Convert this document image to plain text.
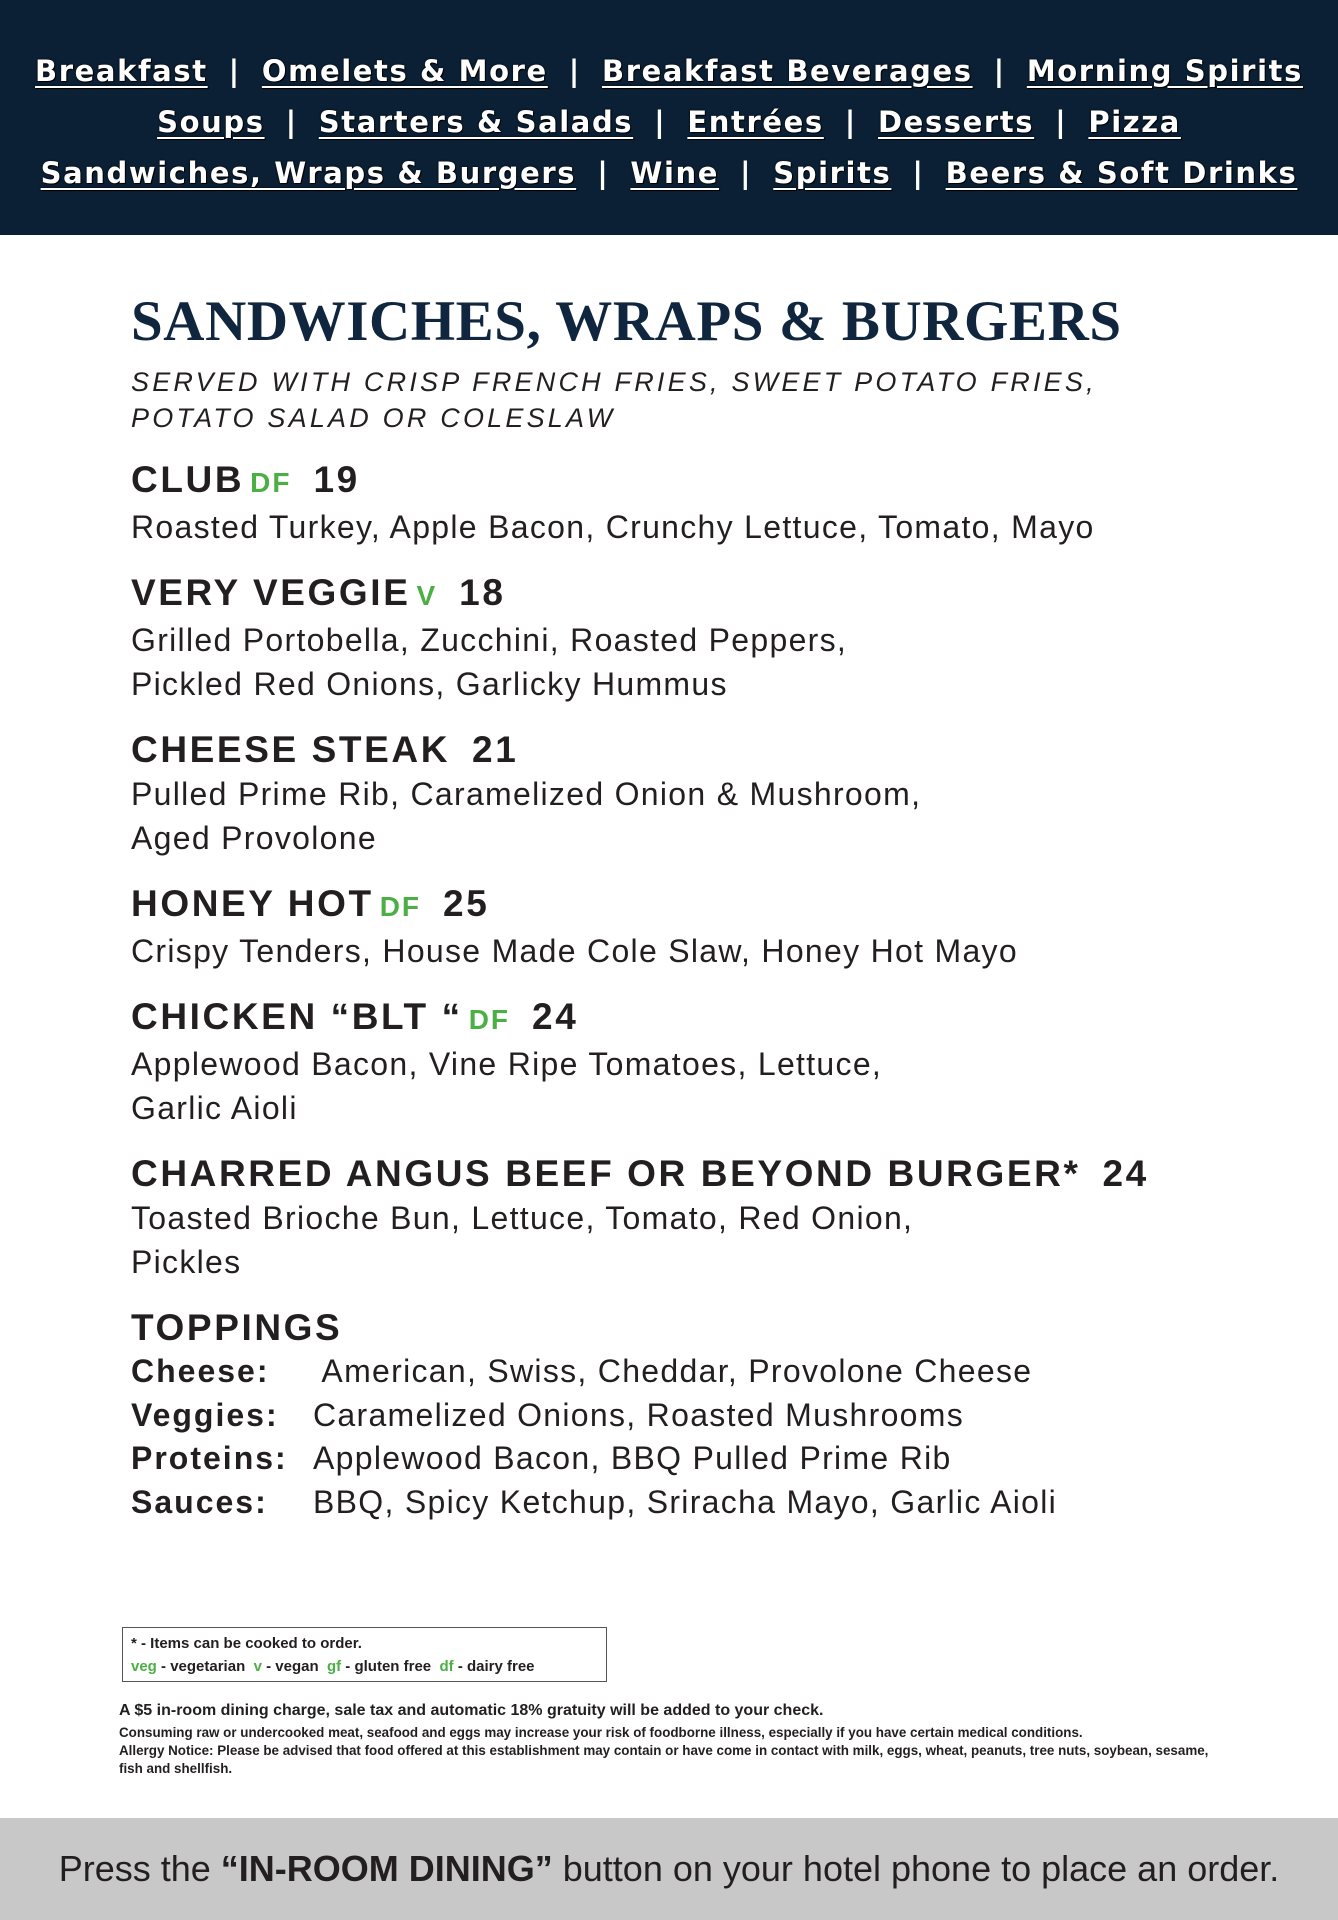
Breakfast | Omelets & More | Breakfast Beverages | Morning Spirits
Soups | Starters & Salads | Entrées | Desserts | Pizza
Sandwiches, Wraps & Burgers | Wine | Spirits | Beers & Soft Drinks
SANDWICHES, WRAPS & BURGERS
SERVED WITH CRISP FRENCH FRIES, SWEET POTATO FRIES,
POTATO SALAD OR COLESLAW
CLUB DF 19
Roasted Turkey, Apple Bacon, Crunchy Lettuce, Tomato, Mayo
VERY VEGGIE V 18
Grilled Portobella, Zucchini, Roasted Peppers,
Pickled Red Onions, Garlicky Hummus
CHEESE STEAK 21
Pulled Prime Rib, Caramelized Onion & Mushroom,
Aged Provolone
HONEY HOT DF 25
Crispy Tenders, House Made Cole Slaw, Honey Hot Mayo
CHICKEN “BLT “ DF 24
Applewood Bacon, Vine Ripe Tomatoes, Lettuce,
Garlic Aioli
CHARRED ANGUS BEEF OR BEYOND BURGER* 24
Toasted Brioche Bun, Lettuce, Tomato, Red Onion,
Pickles
TOPPINGS
Cheese:	American, Swiss, Cheddar, Provolone Cheese
Veggies:	Caramelized Onions, Roasted Mushrooms
Proteins: Applewood Bacon, BBQ Pulled Prime Rib
Sauces:	BBQ, Spicy Ketchup, Sriracha Mayo, Garlic Aioli
* - Items can be cooked to order.
veg - vegetarian v - vegan gf - gluten free df - dairy free
A $5 in-room dining charge, sale tax and automatic 18% gratuity will be added to your check.
Consuming raw or undercooked meat, seafood and eggs may increase your risk of foodborne illness, especially if you have certain medical conditions.
Allergy Notice: Please be advised that food offered at this establishment may contain or have come in contact with milk, eggs, wheat, peanuts, tree nuts, soybean, sesame, fish and shellfish.
Press the “IN-ROOM DINING” button on your hotel phone to place an order.
